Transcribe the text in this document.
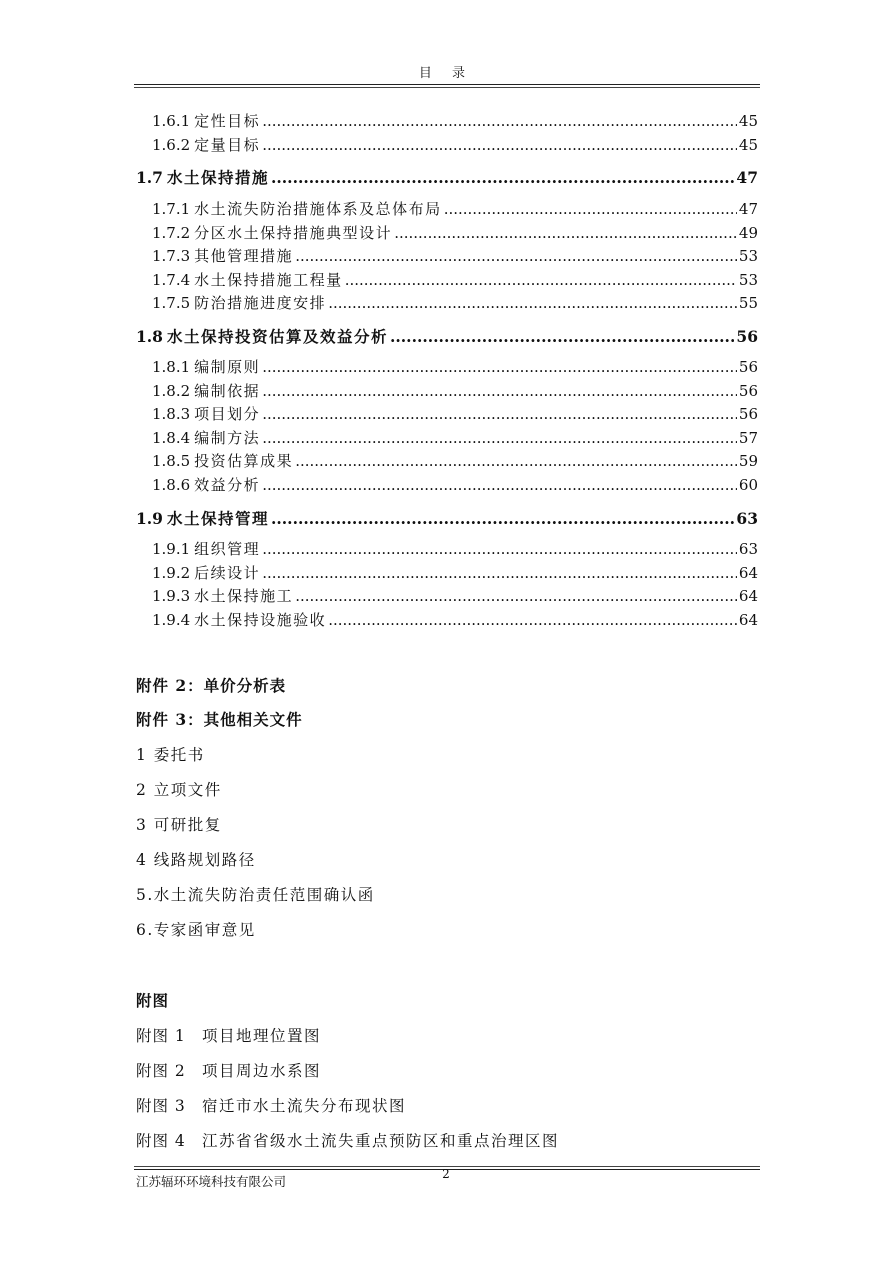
目 录
1.6.1 定性目标 .....	45
1.6.2 定量目标 .....	45
1.7 水土保持措施 .....	47
1.7.1 水土流失防治措施体系及总体布局 .....	47
1.7.2 分区水土保持措施典型设计 .....	49
1.7.3 其他管理措施 .....	53
1.7.4 水土保持措施工程量 .....	53
1.7.5 防治措施进度安排 .....	55
1.8 水土保持投资估算及效益分析 .....	56
1.8.1 编制原则 .....	56
1.8.2 编制依据 .....	56
1.8.3 项目划分 .....	56
1.8.4 编制方法 .....	57
1.8.5 投资估算成果 .....	59
1.8.6 效益分析 .....	60
1.9 水土保持管理 .....	63
1.9.1 组织管理 .....	63
1.9.2 后续设计 .....	64
1.9.3 水土保持施工 .....	64
1.9.4 水土保持设施验收 .....	64
附件 2：单价分析表
附件 3：其他相关文件
1 委托书
2 立项文件
3 可研批复
4 线路规划路径
5.水土流失防治责任范围确认函
6.专家函审意见
附图
附图 1 项目地理位置图
附图 2 项目周边水系图
附图 3 宿迁市水土流失分布现状图
附图 4 江苏省省级水土流失重点预防区和重点治理区图
江苏辐环环境科技有限公司	2
